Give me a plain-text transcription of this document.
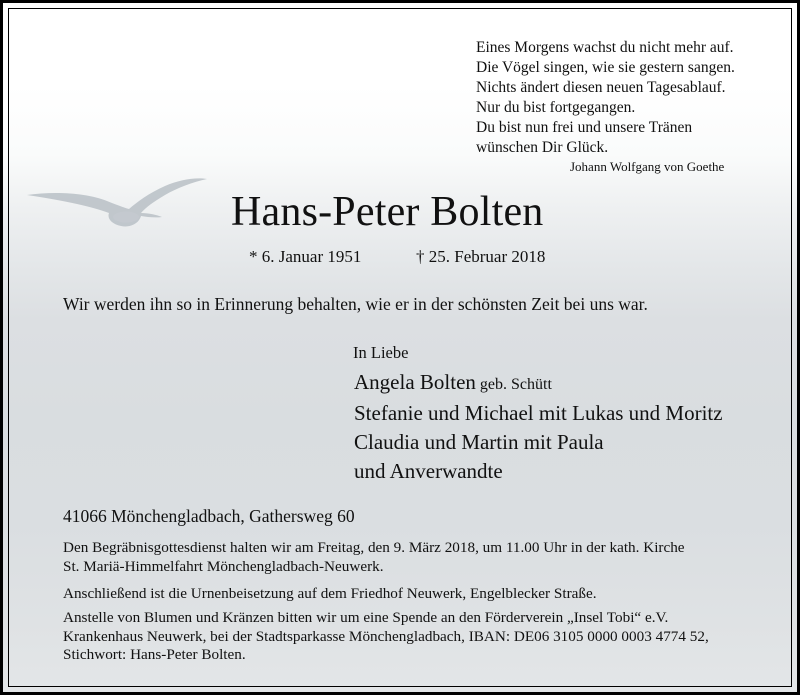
Eines Morgens wachst du nicht mehr auf.
Die Vögel singen, wie sie gestern sangen.
Nichts ändert diesen neuen Tagesablauf.
Nur du bist fortgegangen.
Du bist nun frei und unsere Tränen
wünschen Dir Glück.
Johann Wolfgang von Goethe
Hans-Peter Bolten
* 6. Januar 1951	† 25. Februar 2018
Wir werden ihn so in Erinnerung behalten, wie er in der schönsten Zeit bei uns war.
In Liebe
Angela Bolten geb. Schütt
Stefanie und Michael mit Lukas und Moritz
Claudia und Martin mit Paula
und Anverwandte
41066 Mönchengladbach, Gathersweg 60
Den Begräbnisgottesdienst halten wir am Freitag, den 9. März 2018, um 11.00 Uhr in der kath. Kirche
St. Mariä-Himmelfahrt Mönchengladbach-Neuwerk.
Anschließend ist die Urnenbeisetzung auf dem Friedhof Neuwerk, Engelblecker Straße.
Anstelle von Blumen und Kränzen bitten wir um eine Spende an den Förderverein „Insel Tobi“ e.V.
Krankenhaus Neuwerk, bei der Stadtsparkasse Mönchengladbach, IBAN: DE06 3105 0000 0003 4774 52,
Stichwort: Hans-Peter Bolten.
